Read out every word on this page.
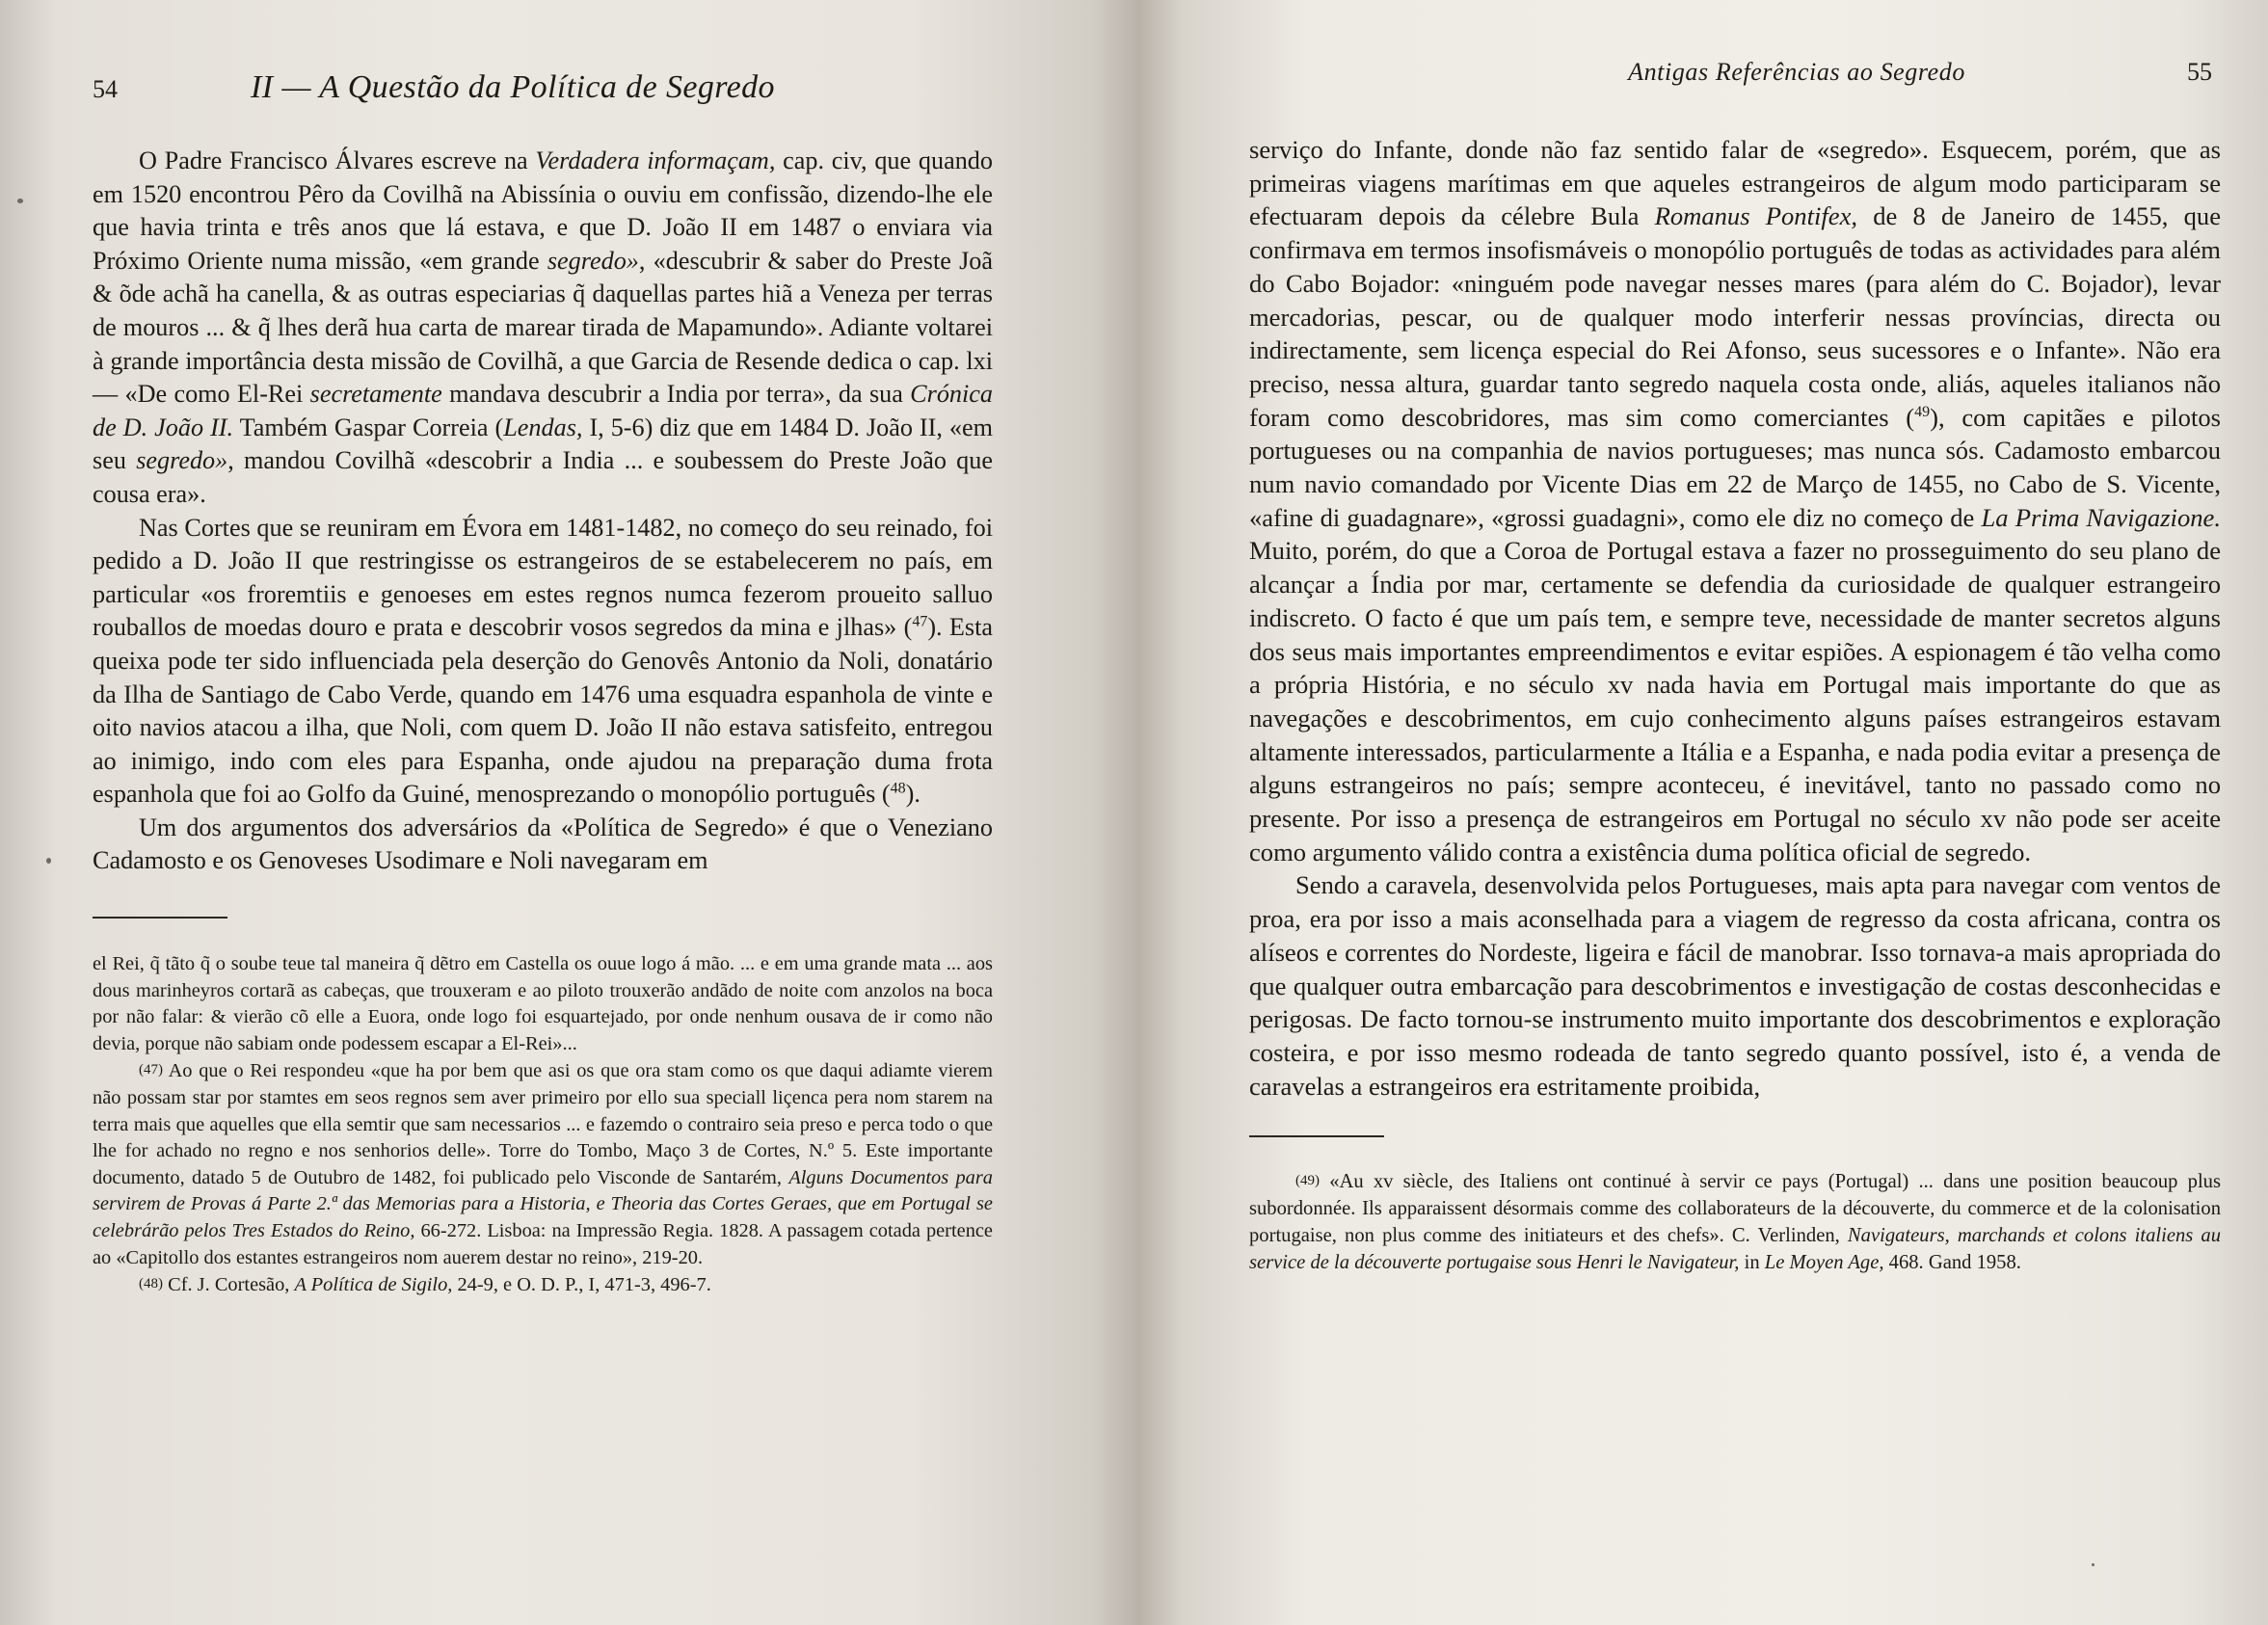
54	II — A Questão da Política de Segredo

O Padre Francisco Álvares escreve na Verdadera informaçam, cap. civ, que quando em 1520 encontrou Pêro da Covilhã na Abissínia o ouviu em confissão, dizendo-lhe ele que havia trinta e três anos que lá estava, e que D. João II em 1487 o enviara via Próximo Oriente numa missão, «em grande segredo», «descubrir & saber do Preste Joã & õde achã ha canella, & as outras especiarias q̃ daquellas partes hiã a Veneza per terras de mouros ... & q̃ lhes derã hua carta de marear tirada de Mapamundo». Adiante voltarei à grande importância desta missão de Covilhã, a que Garcia de Resende dedica o cap. lxi — «De como El-Rei secretamente mandava descubrir a India por terra», da sua Crónica de D. João II. Também Gaspar Correia (Lendas, I, 5-6) diz que em 1484 D. João II, «em seu segredo», mandou Covilhã «descobrir a India ... e soubessem do Preste João que cousa era».

Nas Cortes que se reuniram em Évora em 1481-1482, no começo do seu reinado, foi pedido a D. João II que restringisse os estrangeiros de se estabelecerem no país, em particular «os froremtiis e genoeses em estes regnos numca fezerom proueito salluo rouballos de moedas douro e prata e descobrir vosos segredos da mina e jlhas» ($^{47}$). Esta queixa pode ter sido influenciada pela deserção do Genovês Antonio da Noli, donatário da Ilha de Santiago de Cabo Verde, quando em 1476 uma esquadra espanhola de vinte e oito navios atacou a ilha, que Noli, com quem D. João II não estava satisfeito, entregou ao inimigo, indo com eles para Espanha, onde ajudou na preparação duma frota espanhola que foi ao Golfo da Guiné, menosprezando o monopólio português ($^{48}$).

Um dos argumentos dos adversários da «Política de Segredo» é que o Veneziano Cadamosto e os Genoveses Usodimare e Noli navegaram em

el Rei, q̃ tãto q̃ o soube teue tal maneira q̃ dẽtro em Castella os ouue logo á mão. ... e em uma grande mata ... aos dous marinheyros cortarã as cabeças, que trouxeram e ao piloto trouxerão andãdo de noite com anzolos na boca por não falar: & vierão cõ elle a Euora, onde logo foi esquartejado, por onde nenhum ousava de ir como não devia, porque não sabiam onde podessem escapar a El-Rei»...

(47) Ao que o Rei respondeu «que ha por bem que asi os que ora stam como os que daqui adiamte vierem não possam star por stamtes em seos regnos sem aver primeiro por ello sua speciall liçenca pera nom starem na terra mais que aquelles que ella semtir que sam necessarios ... e fazemdo o contrairo seia preso e perca todo o que lhe for achado no regno e nos senhorios delle». Torre do Tombo, Maço 3 de Cortes, N.º 5. Este importante documento, datado 5 de Outubro de 1482, foi publicado pelo Visconde de Santarém, Alguns Documentos para servirem de Provas á Parte 2.ª das Memorias para a Historia, e Theoria das Cortes Geraes, que em Portugal se celebrárão pelos Tres Estados do Reino, 66-272. Lisboa: na Impressão Regia. 1828. A passagem cotada pertence ao «Capitollo dos estantes estrangeiros nom auerem destar no reino», 219-20.

(48) Cf. J. Cortesão, A Política de Sigilo, 24-9, e O. D. P., I, 471-3, 496-7.

Antigas Referências ao Segredo	55

serviço do Infante, donde não faz sentido falar de «segredo». Esquecem, porém, que as primeiras viagens marítimas em que aqueles estrangeiros de algum modo participaram se efectuaram depois da célebre Bula Romanus Pontifex, de 8 de Janeiro de 1455, que confirmava em termos insofismáveis o monopólio português de todas as actividades para além do Cabo Bojador: «ninguém pode navegar nesses mares (para além do C. Bojador), levar mercadorias, pescar, ou de qualquer modo interferir nessas províncias, directa ou indirectamente, sem licença especial do Rei Afonso, seus sucessores e o Infante». Não era preciso, nessa altura, guardar tanto segredo naquela costa onde, aliás, aqueles italianos não foram como descobridores, mas sim como comerciantes ($^{49}$), com capitães e pilotos portugueses ou na companhia de navios portugueses; mas nunca sós. Cadamosto embarcou num navio comandado por Vicente Dias em 22 de Março de 1455, no Cabo de S. Vicente, «afine di guadagnare», «grossi guadagni», como ele diz no começo de La Prima Navigazione. Muito, porém, do que a Coroa de Portugal estava a fazer no prosseguimento do seu plano de alcançar a Índia por mar, certamente se defendia da curiosidade de qualquer estrangeiro indiscreto. O facto é que um país tem, e sempre teve, necessidade de manter secretos alguns dos seus mais importantes empreendimentos e evitar espiões. A espionagem é tão velha como a própria História, e no século xv nada havia em Portugal mais importante do que as navegações e descobrimentos, em cujo conhecimento alguns países estrangeiros estavam altamente interessados, particularmente a Itália e a Espanha, e nada podia evitar a presença de alguns estrangeiros no país; sempre aconteceu, é inevitável, tanto no passado como no presente. Por isso a presença de estrangeiros em Portugal no século xv não pode ser aceite como argumento válido contra a existência duma política oficial de segredo.

Sendo a caravela, desenvolvida pelos Portugueses, mais apta para navegar com ventos de proa, era por isso a mais aconselhada para a viagem de regresso da costa africana, contra os alíseos e correntes do Nordeste, ligeira e fácil de manobrar. Isso tornava-a mais apropriada do que qualquer outra embarcação para descobrimentos e investigação de costas desconhecidas e perigosas. De facto tornou-se instrumento muito importante dos descobrimentos e exploração costeira, e por isso mesmo rodeada de tanto segredo quanto possível, isto é, a venda de caravelas a estrangeiros era estritamente proibida,

(49) «Au xv siècle, des Italiens ont continué à servir ce pays (Portugal) ... dans une position beaucoup plus subordonnée. Ils apparaissent désormais comme des collaborateurs de la découverte, du commerce et de la colonisation portugaise, non plus comme des initiateurs et des chefs». C. Verlinden, Navigateurs, marchands et colons italiens au service de la découverte portugaise sous Henri le Navigateur, in Le Moyen Age, 468. Gand 1958.
